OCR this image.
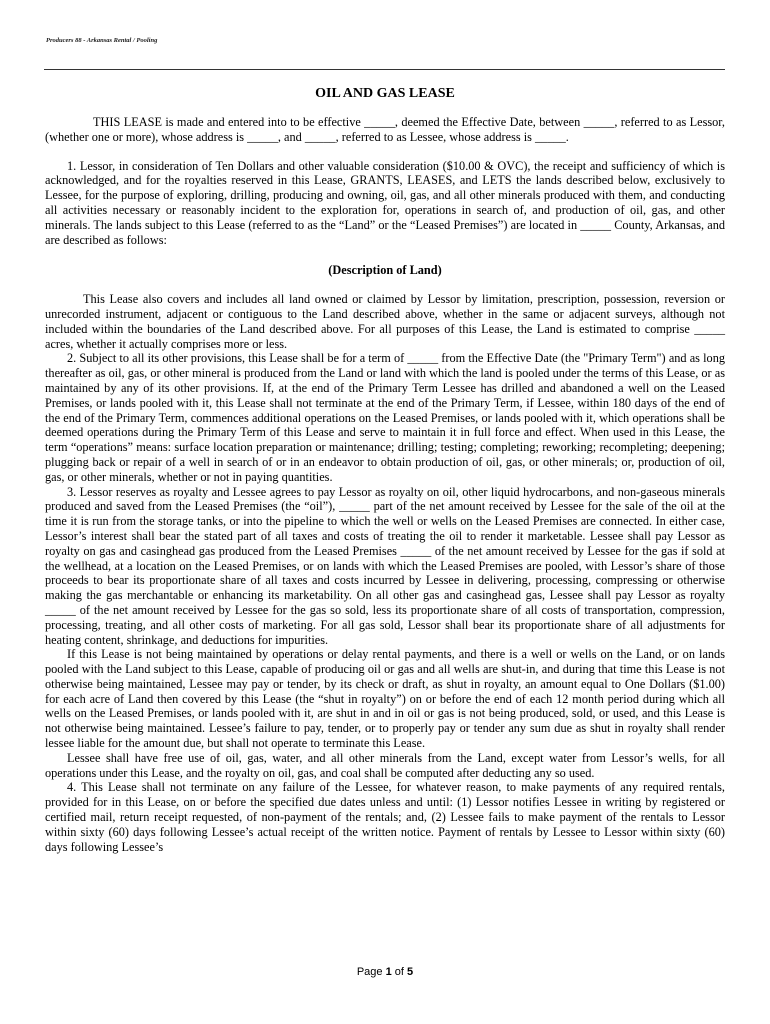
Producers 88 - Arkansas Rental / Pooling
OIL AND GAS LEASE

THIS LEASE is made and entered into to be effective _____, deemed the Effective Date, between _____, referred to as Lessor, (whether one or more), whose address is _____, and _____, referred to as Lessee, whose address is _____.

1. Lessor, in consideration of Ten Dollars and other valuable consideration ($10.00 & OVC), the receipt and sufficiency of which is acknowledged, and for the royalties reserved in this Lease, GRANTS, LEASES, and LETS the lands described below, exclusively to Lessee, for the purpose of exploring, drilling, producing and owning, oil, gas, and all other minerals produced with them, and conducting all activities necessary or reasonably incident to the exploration for, operations in search of, and production of oil, gas, and other minerals. The lands subject to this Lease (referred to as the “Land” or the “Leased Premises”) are located in _____ County, Arkansas, and are described as follows:

(Description of Land)

This Lease also covers and includes all land owned or claimed by Lessor by limitation, prescription, possession, reversion or unrecorded instrument, adjacent or contiguous to the Land described above, whether in the same or adjacent surveys, although not included within the boundaries of the Land described above. For all purposes of this Lease, the Land is estimated to comprise _____ acres, whether it actually comprises more or less.

2. Subject to all its other provisions, this Lease shall be for a term of _____ from the Effective Date (the "Primary Term") and as long thereafter as oil, gas, or other mineral is produced from the Land or land with which the land is pooled under the terms of this Lease, or as maintained by any of its other provisions. If, at the end of the Primary Term Lessee has drilled and abandoned a well on the Leased Premises, or lands pooled with it, this Lease shall not terminate at the end of the Primary Term, if Lessee, within 180 days of the end of the end of the Primary Term, commences additional operations on the Leased Premises, or lands pooled with it, which operations shall be deemed operations during the Primary Term of this Lease and serve to maintain it in full force and effect. When used in this Lease, the term “operations” means: surface location preparation or maintenance; drilling; testing; completing; reworking; recompleting; deepening; plugging back or repair of a well in search of or in an endeavor to obtain production of oil, gas, or other minerals; or, production of oil, gas, or other minerals, whether or not in paying quantities.

3. Lessor reserves as royalty and Lessee agrees to pay Lessor as royalty on oil, other liquid hydrocarbons, and non-gaseous minerals produced and saved from the Leased Premises (the “oil”), _____ part of the net amount received by Lessee for the sale of the oil at the time it is run from the storage tanks, or into the pipeline to which the well or wells on the Leased Premises are connected. In either case, Lessor’s interest shall bear the stated part of all taxes and costs of treating the oil to render it marketable. Lessee shall pay Lessor as royalty on gas and casinghead gas produced from the Leased Premises _____ of the net amount received by Lessee for the gas if sold at the wellhead, at a location on the Leased Premises, or on lands with which the Leased Premises are pooled, with Lessor’s share of those proceeds to bear its proportionate share of all taxes and costs incurred by Lessee in delivering, processing, compressing or otherwise making the gas merchantable or enhancing its marketability. On all other gas and casinghead gas, Lessee shall pay Lessor as royalty _____ of the net amount received by Lessee for the gas so sold, less its proportionate share of all costs of transportation, compression, processing, treating, and all other costs of marketing. For all gas sold, Lessor shall bear its proportionate share of all adjustments for heating content, shrinkage, and deductions for impurities.

If this Lease is not being maintained by operations or delay rental payments, and there is a well or wells on the Land, or on lands pooled with the Land subject to this Lease, capable of producing oil or gas and all wells are shut-in, and during that time this Lease is not otherwise being maintained, Lessee may pay or tender, by its check or draft, as shut in royalty, an amount equal to One Dollars ($1.00) for each acre of Land then covered by this Lease (the “shut in royalty”) on or before the end of each 12 month period during which all wells on the Leased Premises, or lands pooled with it, are shut in and in oil or gas is not being produced, sold, or used, and this Lease is not otherwise being maintained. Lessee’s failure to pay, tender, or to properly pay or tender any sum due as shut in royalty shall render lessee liable for the amount due, but shall not operate to terminate this Lease.

Lessee shall have free use of oil, gas, water, and all other minerals from the Land, except water from Lessor’s wells, for all operations under this Lease, and the royalty on oil, gas, and coal shall be computed after deducting any so used.

4. This Lease shall not terminate on any failure of the Lessee, for whatever reason, to make payments of any required rentals, provided for in this Lease, on or before the specified due dates unless and until: (1) Lessor notifies Lessee in writing by registered or certified mail, return receipt requested, of non-payment of the rentals; and, (2) Lessee fails to make payment of the rentals to Lessor within sixty (60) days following Lessee’s actual receipt of the written notice. Payment of rentals by Lessee to Lessor within sixty (60) days following Lessee’s

Page 1 of 5
